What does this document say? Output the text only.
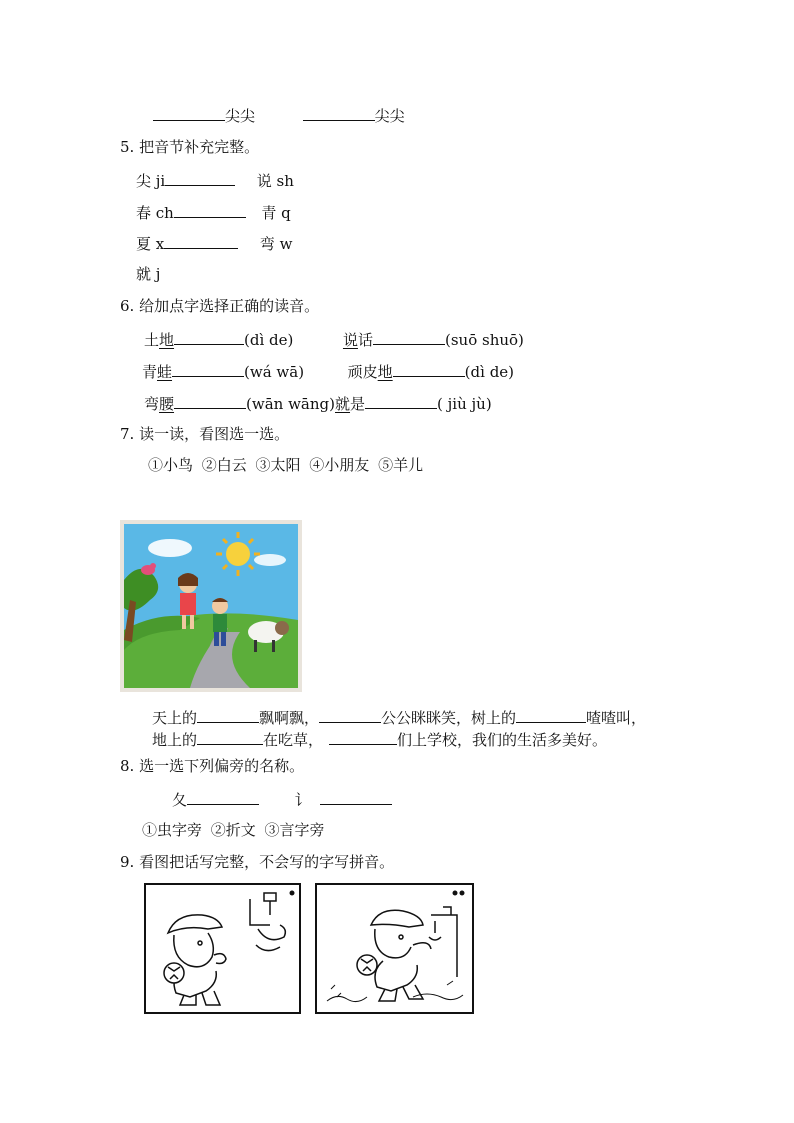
尖尖	尖尖
5. 把音节补充完整。
尖 ji	说 sh
春 ch	青 q
夏 x	弯 w
就 j
6. 给加点字选择正确的读音。
土地	(dì de)	说话	(suō shuō)
青蛙	(wá wā)	顽皮地	(dì de)
弯腰	(wān wāng)就是	( jiù jù)
7. 读一读，看图选一选。
①小鸟 ②白云 ③太阳 ④小朋友 ⑤羊儿
天上的	飘啊飘，	公公眯眯笑，树上的	喳喳叫，
地上的	在吃草，	们上学校，我们的生活多美好。
8. 选一选下列偏旁的名称。
夂	讠
①虫字旁 ②折文 ③言字旁
9. 看图把话写完整，不会写的字写拼音。
